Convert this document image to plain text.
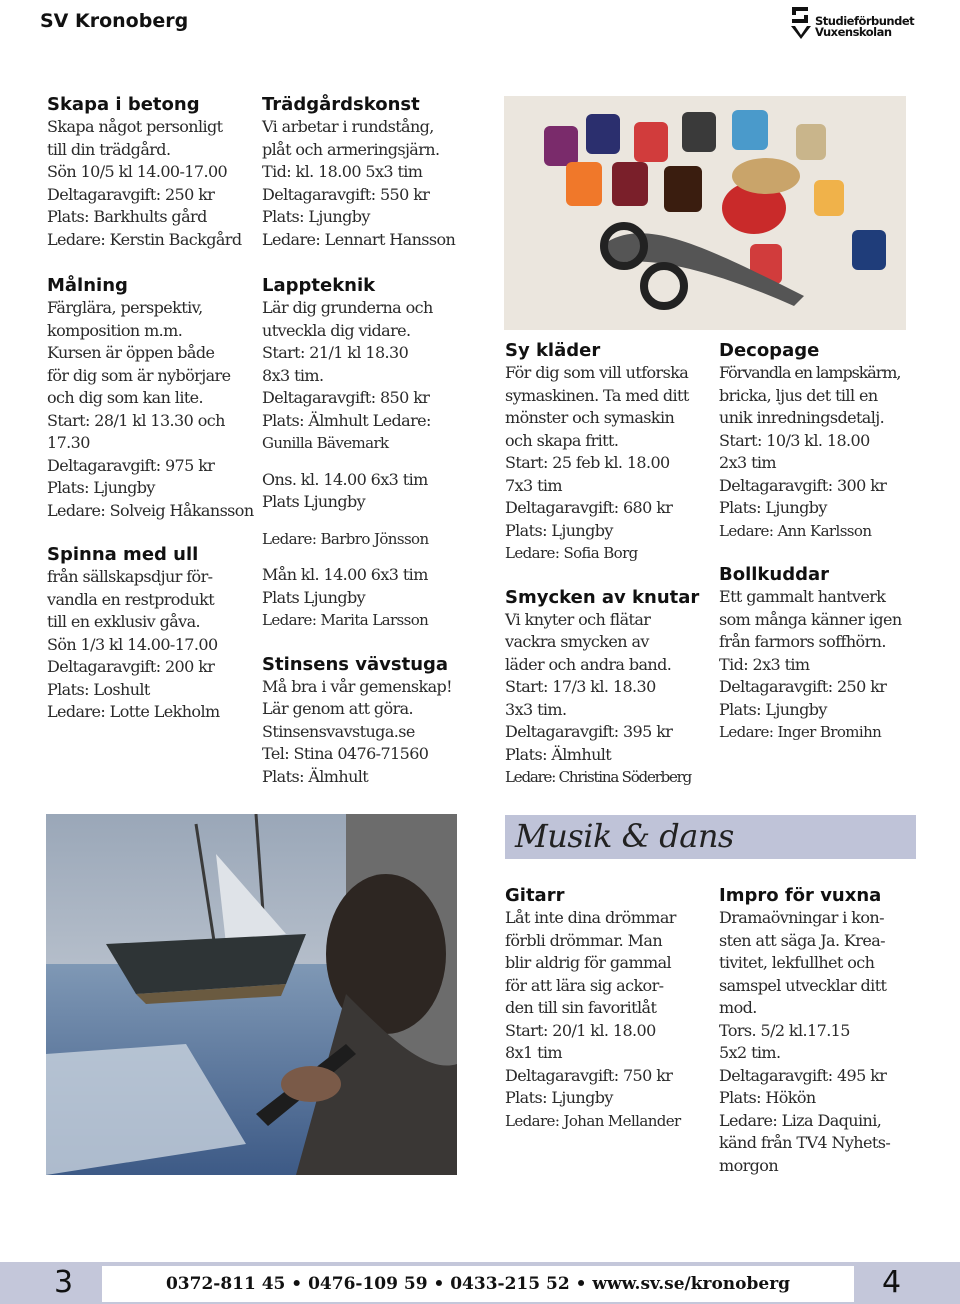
SV Kronoberg	Studieförbundet
Vuxenskolan
Skapa i betong
Skapa något personligt
till din trädgård.
Sön 10/5 kl 14.00-17.00
Deltagaravgift: 250 kr
Plats: Barkhults gård
Ledare: Kerstin Backgård
Målning
Färglära, perspektiv,
komposition m.m.
Kursen är öppen både
för dig som är nybörjare
och dig som kan lite.
Start: 28/1 kl 13.30 och
17.30
Deltagaravgift: 975 kr
Plats: Ljungby
Ledare: Solveig Håkansson
Spinna med ull
från sällskapsdjur för-
vandla en restprodukt
till en exklusiv gåva.
Sön 1/3 kl 14.00-17.00
Deltagaravgift: 200 kr
Plats: Loshult
Ledare: Lotte Lekholm
Trädgårdskonst
Vi arbetar i rundstång,
plåt och armeringsjärn.
Tid: kl. 18.00 5x3 tim
Deltagaravgift: 550 kr
Plats: Ljungby
Ledare: Lennart Hansson
Lappteknik
Lär dig grunderna och
utveckla dig vidare.
Start: 21/1 kl 18.30
8x3 tim.
Deltagaravgift: 850 kr
Plats: Älmhult Ledare:
Gunilla Bävemark
Ons. kl. 14.00 6x3 tim
Plats Ljungby
Ledare: Barbro Jönsson
Mån kl. 14.00 6x3 tim
Plats Ljungby
Ledare: Marita Larsson
Stinsens vävstuga
Må bra i vår gemenskap!
Lär genom att göra.
Stinsensvavstuga.se
Tel: Stina 0476-71560
Plats: Älmhult
Sy kläder
För dig som vill utforska
symaskinen. Ta med ditt
mönster och symaskin
och skapa fritt.
Start: 25 feb kl. 18.00
7x3 tim
Deltagaravgift: 680 kr
Plats: Ljungby
Ledare: Sofia Borg
Smycken av knutar
Vi knyter och flätar
vackra smycken av
läder och andra band.
Start: 17/3 kl. 18.30
3x3 tim.
Deltagaravgift: 395 kr
Plats: Älmhult
Ledare: Christina Söderberg
Decopage
Förvandla en lampskärm,
bricka, ljus det till en
unik inredningsdetalj.
Start: 10/3 kl. 18.00
2x3 tim
Deltagaravgift: 300 kr
Plats: Ljungby
Ledare: Ann Karlsson
Bollkuddar
Ett gammalt hantverk
som många känner igen
från farmors soffhörn.
Tid: 2x3 tim
Deltagaravgift: 250 kr
Plats: Ljungby
Ledare: Inger Bromihn
Musik & dans
Gitarr
Låt inte dina drömmar
förbli drömmar. Man
blir aldrig för gammal
för att lära sig ackor-
den till sin favoritlåt
Start: 20/1 kl. 18.00
8x1 tim
Deltagaravgift: 750 kr
Plats: Ljungby
Ledare: Johan Mellander
Impro för vuxna
Dramaövningar i kon-
sten att säga Ja. Krea-
tivitet, lekfullhet och
samspel utvecklar ditt
mod.
Tors. 5/2 kl.17.15
5x2 tim.
Deltagaravgift: 495 kr
Plats: Hökön
Ledare: Liza Daquini,
känd från TV4 Nyhets-
morgon
3	0372-811 45 • 0476-109 59 • 0433-215 52 • www.sv.se/kronoberg	4
